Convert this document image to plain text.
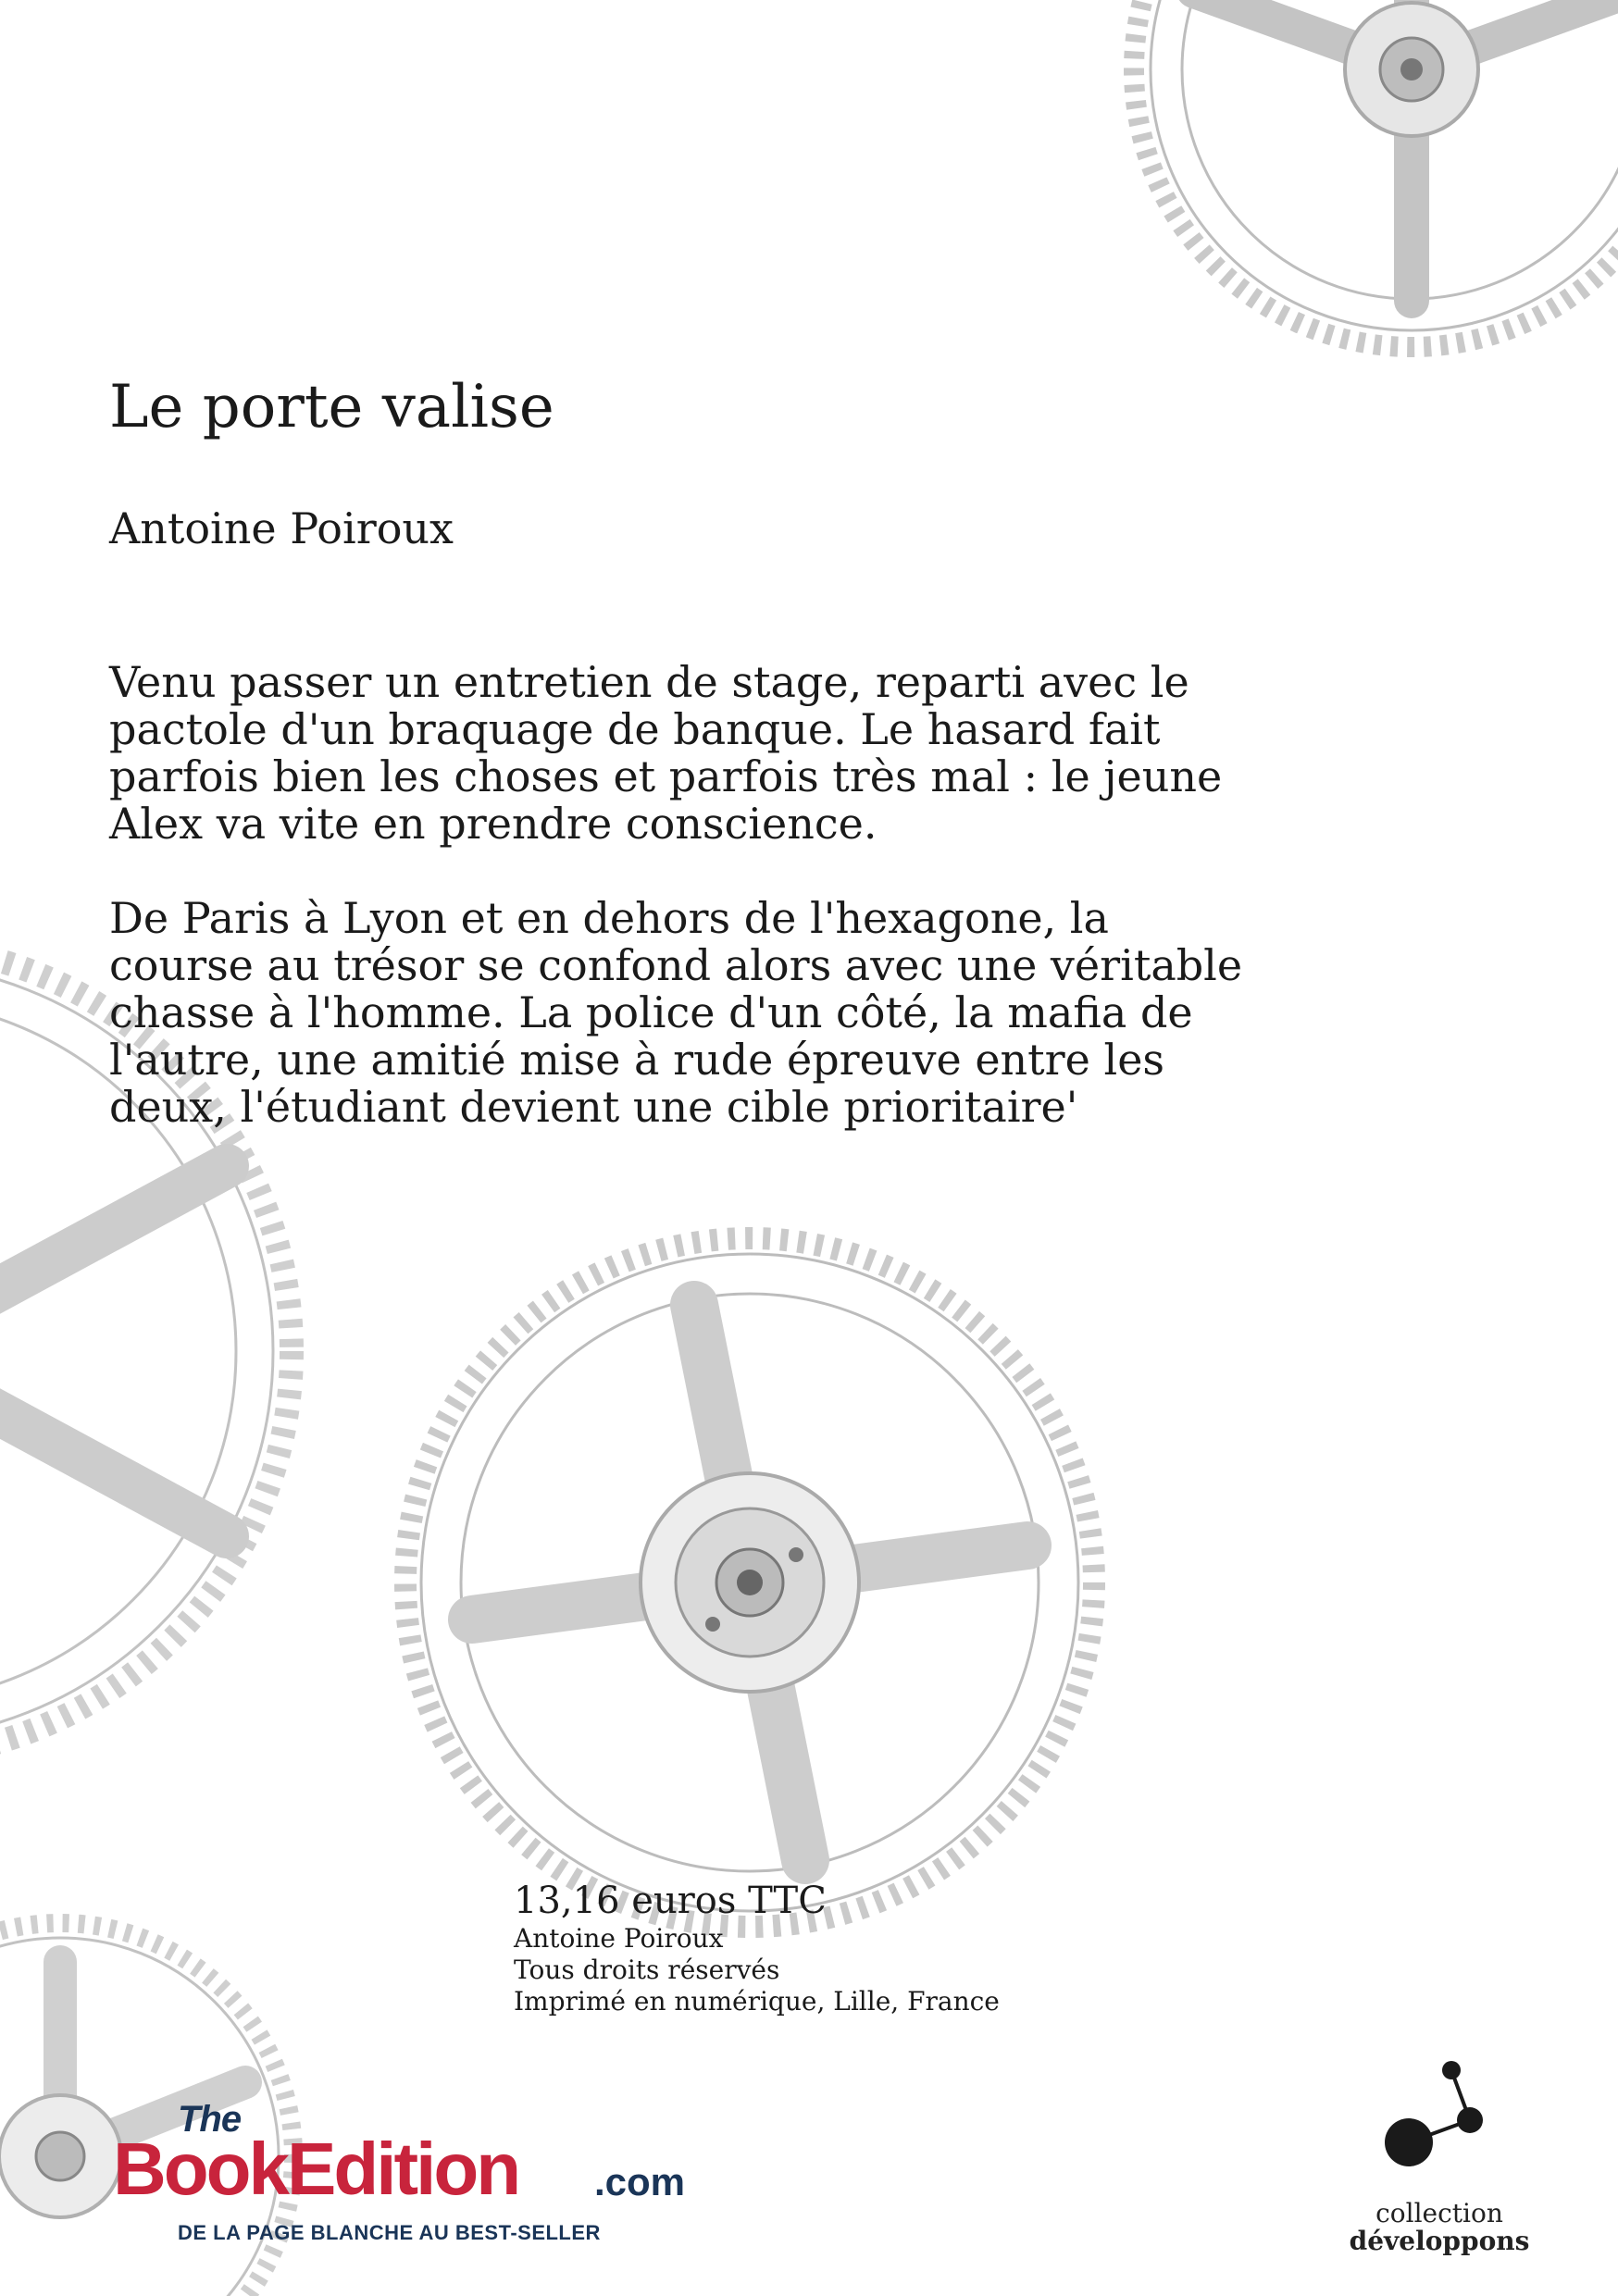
Le porte valise
Antoine Poiroux

Venu passer un entretien de stage, reparti avec le pactole d'un braquage de banque. Le hasard fait parfois bien les choses et parfois très mal : le jeune Alex va vite en prendre conscience.

De Paris à Lyon et en dehors de l'hexagone, la course au trésor se confond alors avec une véritable chasse à l'homme. La police d'un côté, la mafia de l'autre, une amitié mise à rude épreuve entre les deux, l'étudiant devient une cible prioritaire'

13,16 euros TTC
Antoine Poiroux
Tous droits réservés
Imprimé en numérique, Lille, France
The
BookEdition .com
DE LA PAGE BLANCHE AU BEST-SELLER
collection
développons
